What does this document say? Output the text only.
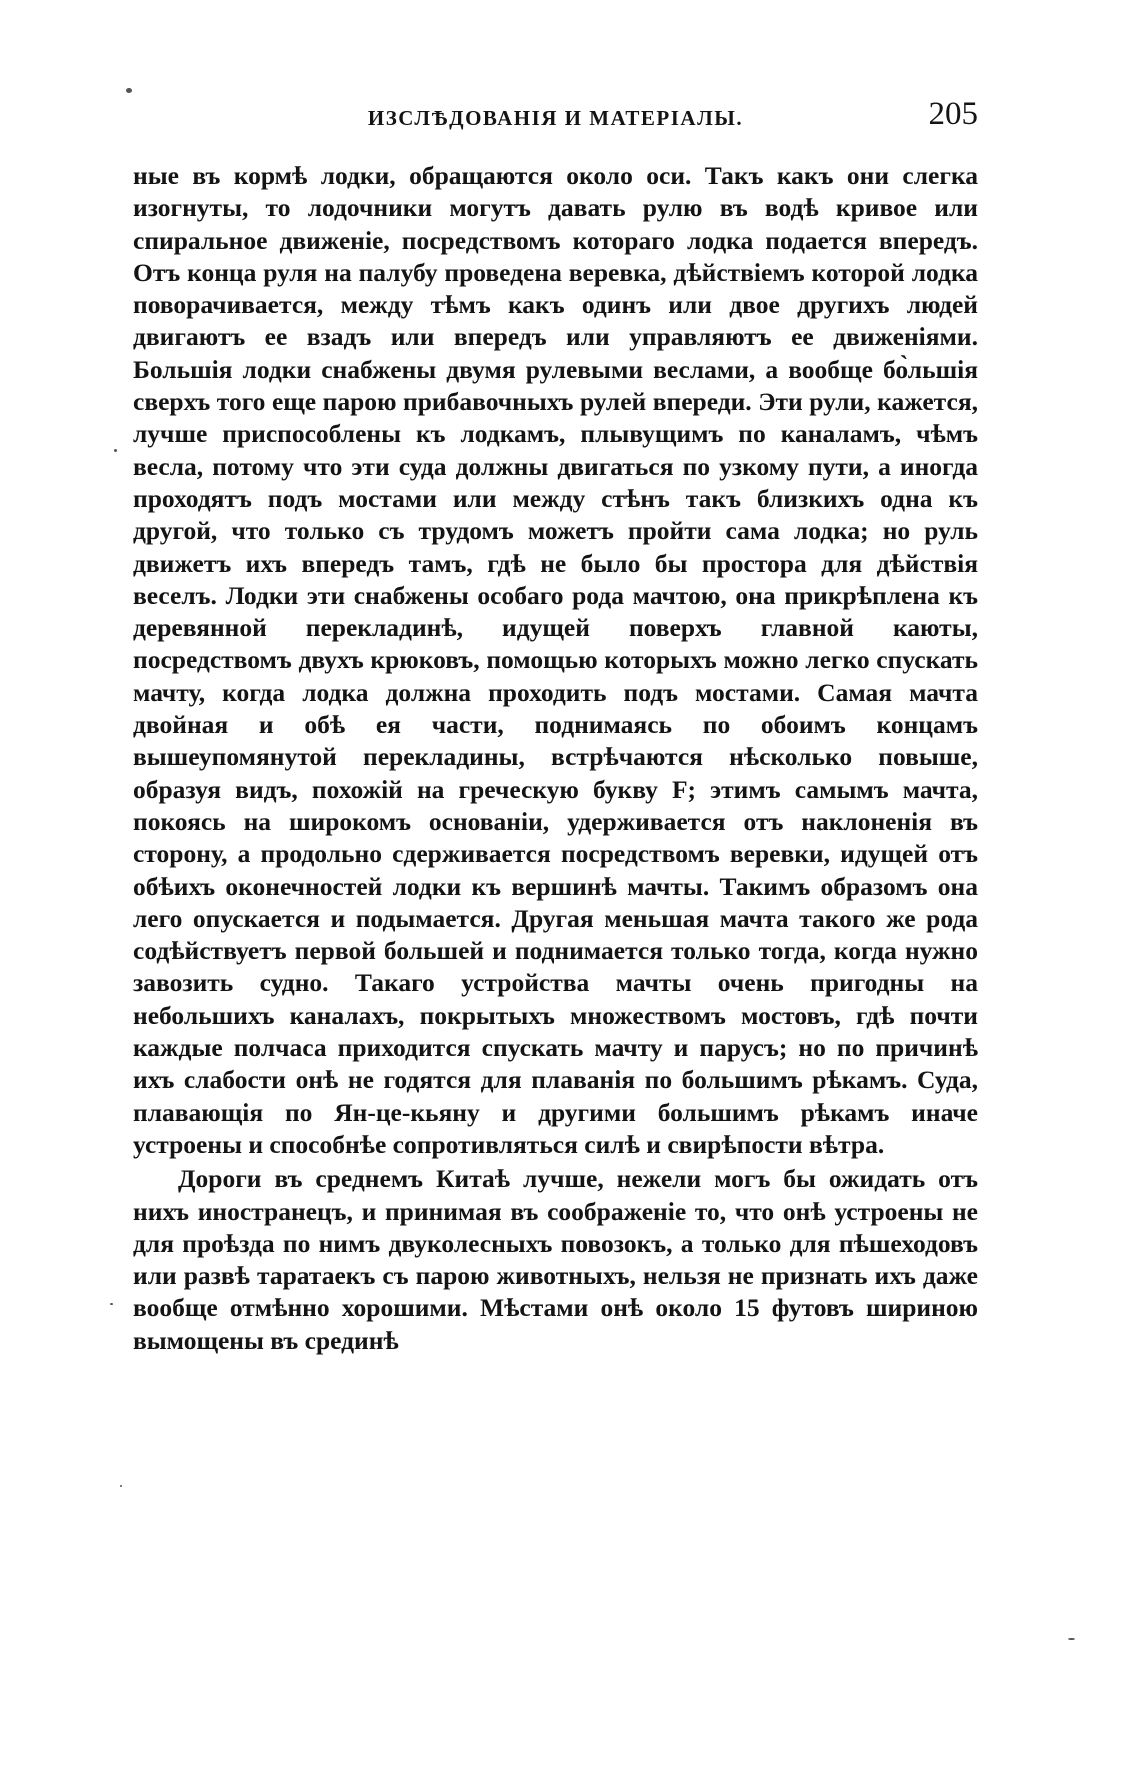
ИЗСЛѢДОВАНІЯ И МАТЕРІАЛЫ.	205

ные въ кормѣ лодки, обращаются около оси. Такъ какъ они слегка изогнуты, то лодочники могутъ давать рулю въ водѣ кривое или спиральное движеніе, посредствомъ котораго лодка подается впередъ. Отъ конца руля на палубу проведена веревка, дѣйствіемъ которой лодка поворачивается, между тѣмъ какъ одинъ или двое другихъ людей двигаютъ ее взадъ или впередъ или управляютъ ее движеніями. Большія лодки снабжены двумя рулевыми веслами, а вообще бо̀льшія сверхъ того еще парою прибавочныхъ рулей впереди. Эти рули, кажется, лучше приспособлены къ лодкамъ, плывущимъ по каналамъ, чѣмъ весла, потому что эти суда должны двигаться по узкому пути, а иногда проходятъ подъ мостами или между стѣнъ такъ близкихъ одна къ другой, что только съ трудомъ можетъ пройти сама лодка; но руль движетъ ихъ впередъ тамъ, гдѣ не было бы простора для дѣйствія веселъ. Лодки эти снабжены особаго рода мачтою, она прикрѣплена къ деревянной перекладинѣ, идущей поверхъ главной каюты, посредствомъ двухъ крюковъ, помощью которыхъ можно легко спускать мачту, когда лодка должна проходить подъ мостами. Самая мачта двойная и обѣ ея части, поднимаясь по обоимъ концамъ вышеупомянутой перекладины, встрѣчаются нѣсколько повыше, образуя видъ, похожій на греческую букву F; этимъ самымъ мачта, покоясь на широкомъ основаніи, удерживается отъ наклоненія въ сторону, а продольно сдерживается посредствомъ веревки, идущей отъ обѣихъ оконечностей лодки къ вершинѣ мачты. Такимъ образомъ она лего опускается и подымается. Другая меньшая мачта такого же рода содѣйствуетъ первой большей и поднимается только тогда, когда нужно завозить судно. Такаго устройства мачты очень пригодны на небольшихъ каналахъ, покрытыхъ множествомъ мостовъ, гдѣ почти каждые полчаса приходится спускать мачту и парусъ; но по причинѣ ихъ слабости онѣ не годятся для плаванія по большимъ рѣкамъ. Суда, плавающія по Ян-це-кьяну и другими большимъ рѣкамъ иначе устроены и способнѣе сопротивляться силѣ и свирѣпости вѣтра.

Дороги въ среднемъ Китаѣ лучше, нежели могъ бы ожидать отъ нихъ иностранецъ, и принимая въ соображеніе то, что онѣ устроены не для проѣзда по нимъ двуколесныхъ повозокъ, а только для пѣшеходовъ или развѣ таратаекъ съ парою животныхъ, нельзя не признать ихъ даже вообще отмѣнно хорошими. Мѣстами онѣ около 15 футовъ шириною вымощены въ срединѣ
